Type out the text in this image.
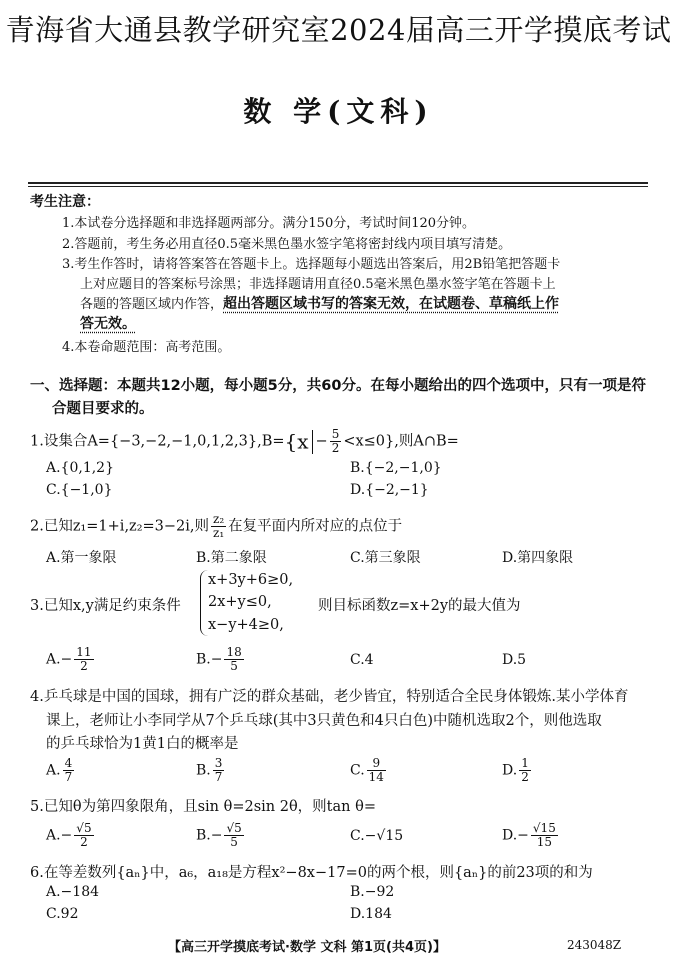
青海省大通县教学研究室2024届高三开学摸底考试
数 学(文科)
考生注意：
1.本试卷分选择题和非选择题两部分。满分150分，考试时间120分钟。
2.答题前，考生务必用直径0.5毫米黑色墨水签字笔将密封线内项目填写清楚。
3.考生作答时，请将答案答在答题卡上。选择题每小题选出答案后，用2B铅笔把答题卡
上对应题目的答案标号涂黑；非选择题请用直径0.5毫米黑色墨水签字笔在答题卡上
各题的答题区域内作答，超出答题区域书写的答案无效，在试题卷、草稿纸上作
答无效。
4.本卷命题范围：高考范围。
一、选择题：本题共12小题，每小题5分，共60分。在每小题给出的四个选项中，只有一项是符
合题目要求的。
1.设集合$A=\{-3,-2,-1,0,1,2,3\},B=\{x - \frac{5}{2} <x\le 0\}$,则A∩B=
A.{0,1,2}	B.{−2,−1,0}
C.{−1,0}	D.{−2,−1}
2.已知z₁=1+i,z₂=3−2i,则 $\frac{\text{z₂}}{\text{z₁}}$ 在复平面内所对应的点位于
A.第一象限	B.第二象限	C.第三象限	D.第四象限
3.已知x,y满足约束条件
x+3y+6≥0,
2x+y≤0,
x−y+4≥0,
则目标函数z=x+2y的最大值为
$A.- \frac{11}{2}$	$B.- \frac{18}{5}$	C.4	D.5
4.乒乓球是中国的国球，拥有广泛的群众基础，老少皆宜，特别适合全民身体锻炼.某小学体育
课上，老师让小李同学从7个乒乓球(其中3只黄色和4只白色)中随机选取2个，则他选取
的乒乓球恰为1黄1白的概率是
A. $\frac{4}{7}$	B. $\frac{3}{7}$	C. $\frac{9}{14}$	D. $\frac{1}{2}$
5.已知θ为第四象限角，且sin θ=2sin 2θ，则tan θ=
$A.- \frac{√5}{2}$	$B.- \frac{√5}{5}$	C.−√15	$D.- \frac{√15}{15}$
6.在等差数列{aₙ}中，a₆，a₁₈是方程x²−8x−17=0的两个根，则{aₙ}的前23项的和为
A.−184	B.−92
C.92	D.184
【高三开学摸底考试·数学 文科 第1页(共4页)】	243048Z
